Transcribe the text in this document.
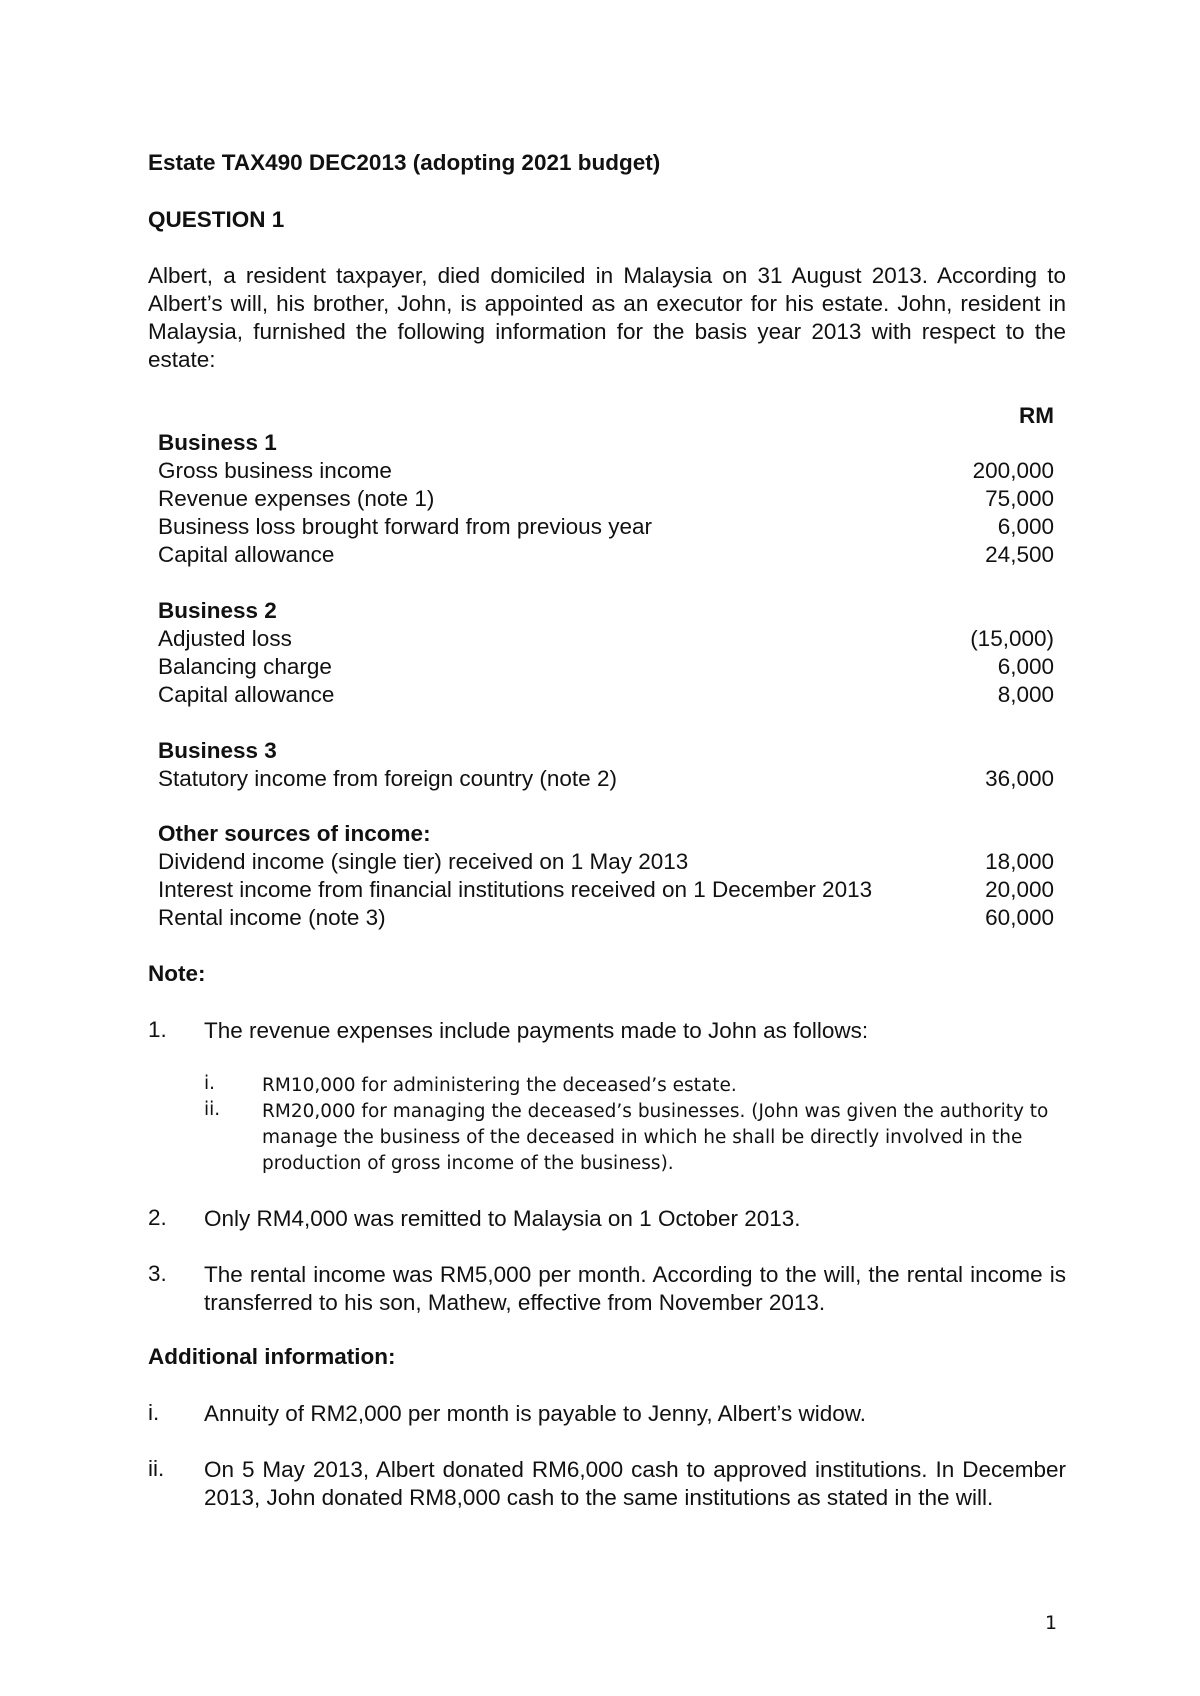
Estate TAX490 DEC2013 (adopting 2021 budget)
QUESTION 1
Albert, a resident taxpayer, died domiciled in Malaysia on 31 August 2013. According to Albert’s will, his brother, John, is appointed as an executor for his estate. John, resident in Malaysia, furnished the following information for the basis year 2013 with respect to the estate:
RM
Business 1
Gross business income	200,000
Revenue expenses (note 1)	75,000
Business loss brought forward from previous year	6,000
Capital allowance	24,500
Business 2
Adjusted loss	(15,000)
Balancing charge	6,000
Capital allowance	8,000
Business 3
Statutory income from foreign country (note 2)	36,000
Other sources of income:
Dividend income (single tier) received on 1 May 2013	18,000
Interest income from financial institutions received on 1 December 2013	20,000
Rental income (note 3)	60,000
Note:
1. The revenue expenses include payments made to John as follows:
i.	RM10,000 for administering the deceased’s estate.
ii. RM20,000 for managing the deceased’s businesses. (John was given the authority to manage the business of the deceased in which he shall be directly involved in the production of gross income of the business).
2. Only RM4,000 was remitted to Malaysia on 1 October 2013.
3. The rental income was RM5,000 per month. According to the will, the rental income is transferred to his son, Mathew, effective from November 2013.
Additional information:
i. Annuity of RM2,000 per month is payable to Jenny, Albert’s widow.
ii. On 5 May 2013, Albert donated RM6,000 cash to approved institutions. In December 2013, John donated RM8,000 cash to the same institutions as stated in the will.
1
